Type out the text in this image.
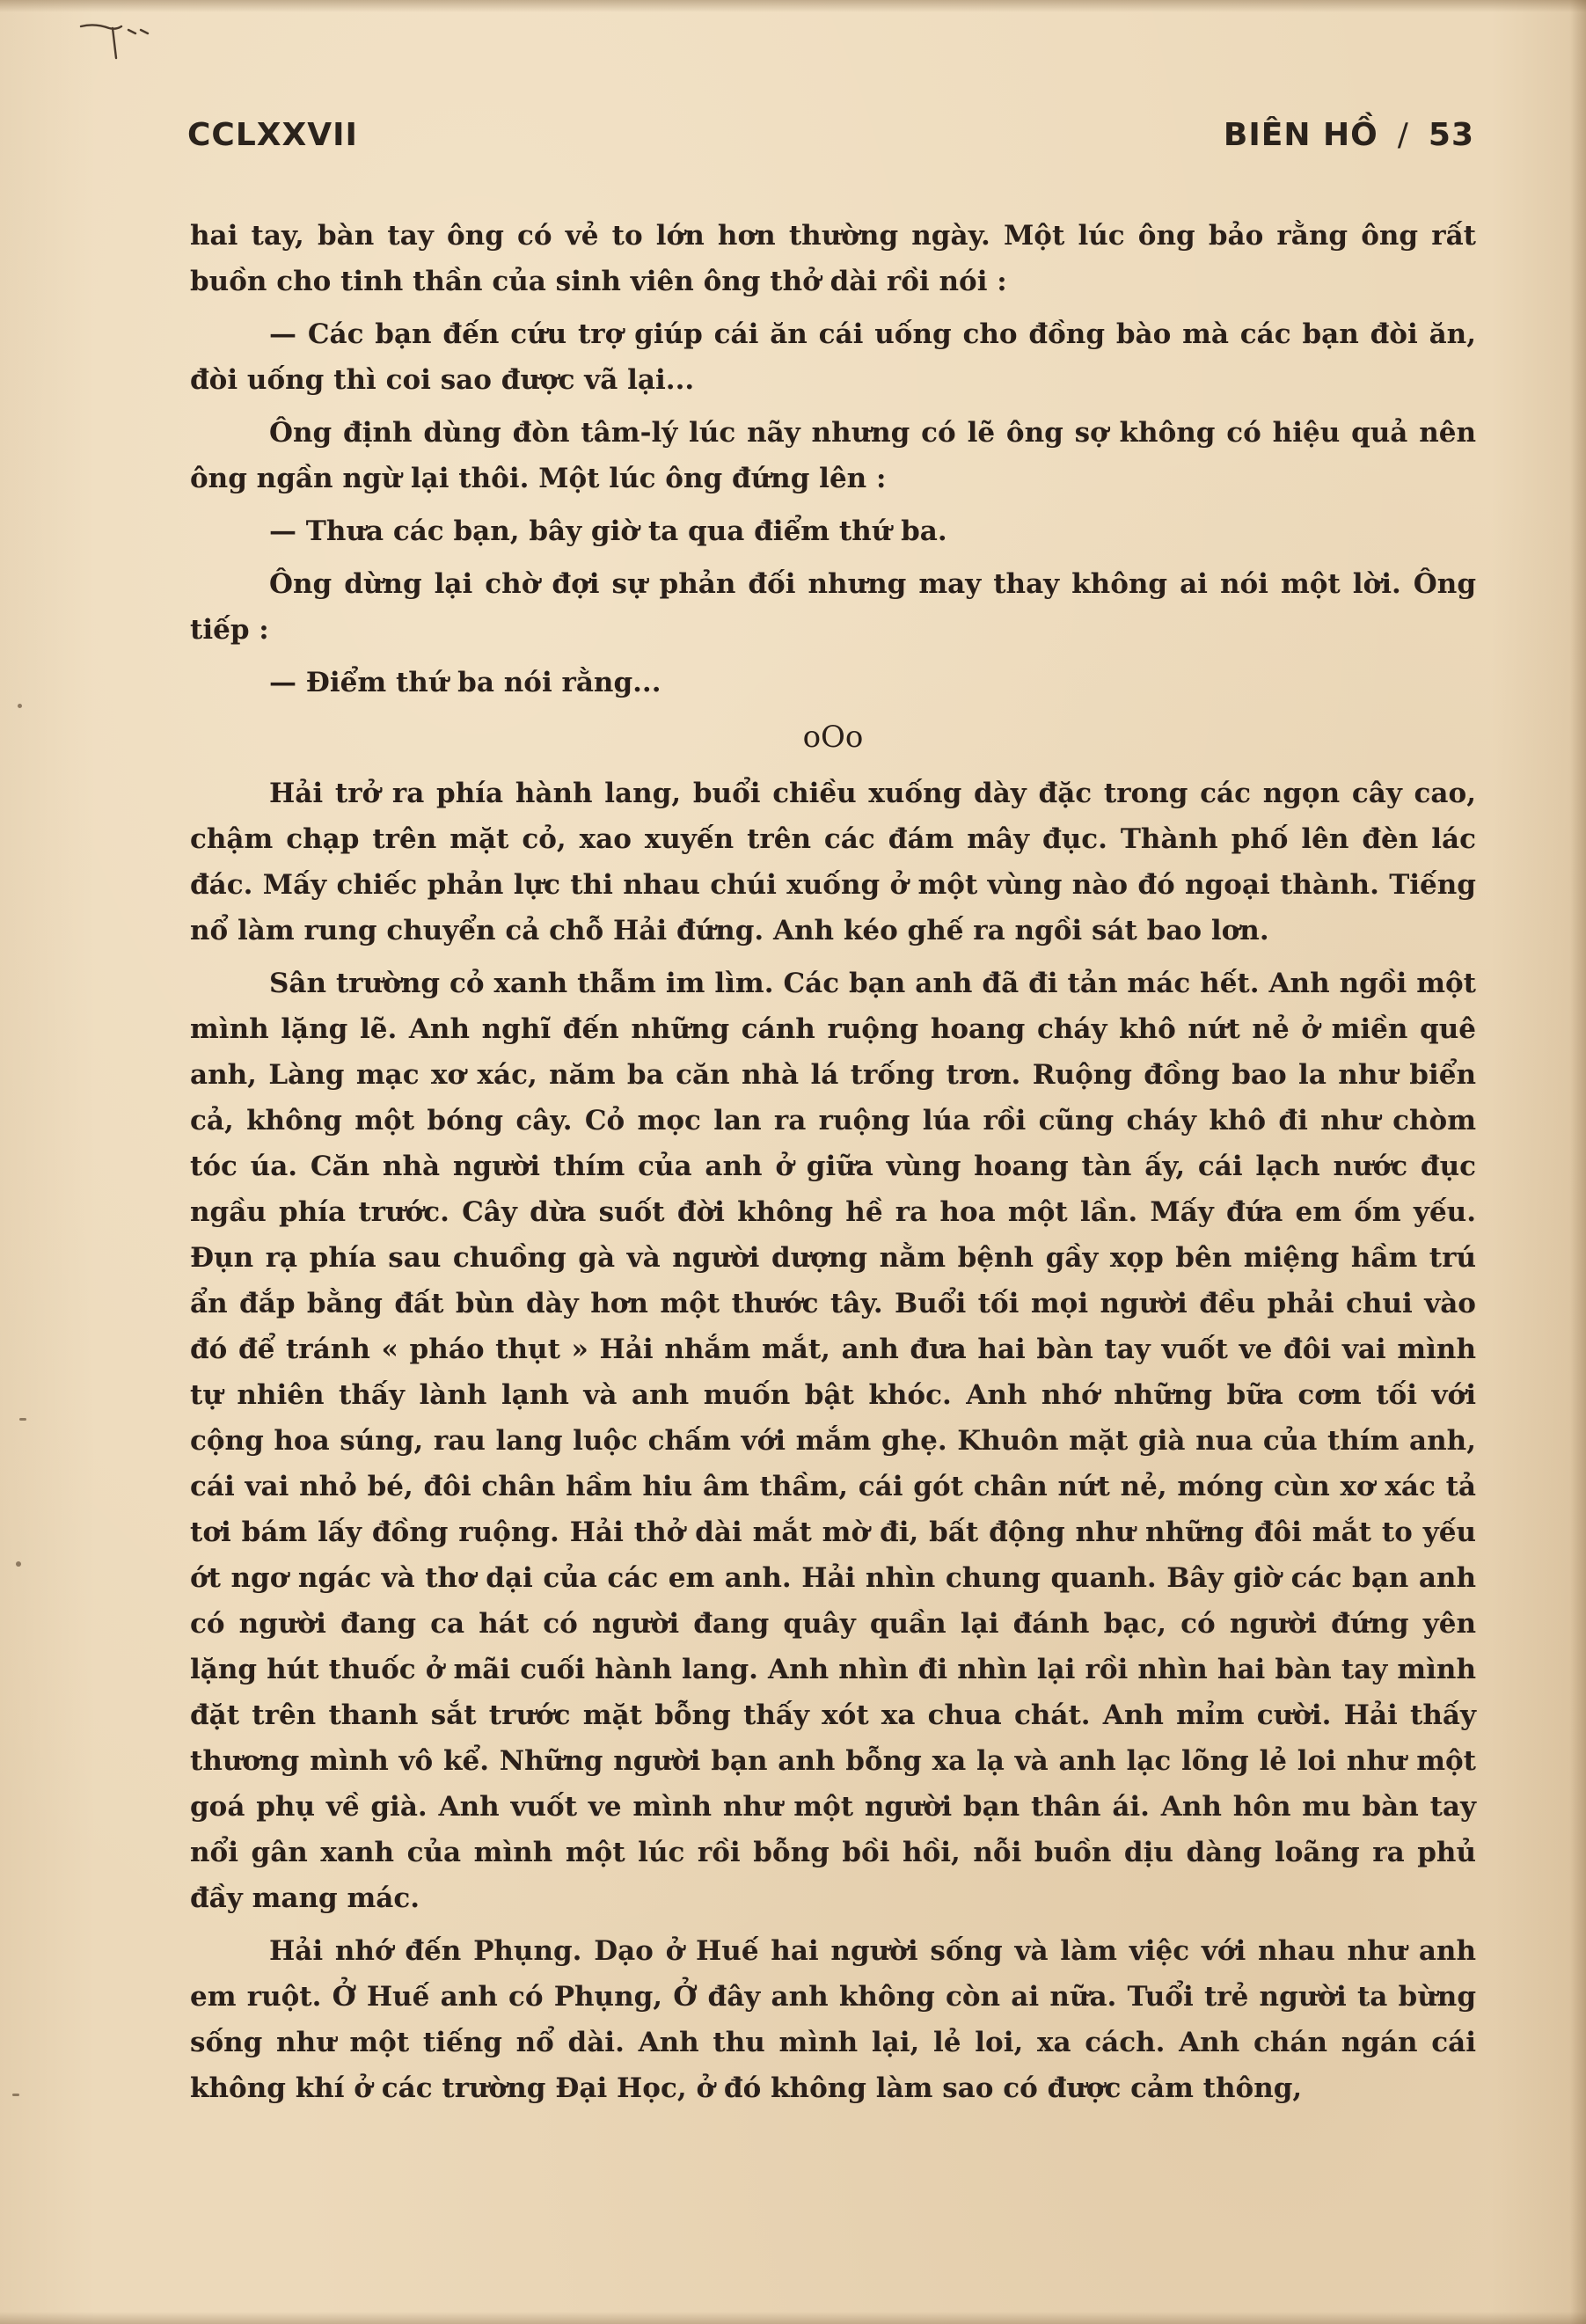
CCLXXVII	BIÊN HỒ / 53

hai tay, bàn tay ông có vẻ to lớn hơn thường ngày. Một lúc ông bảo rằng ông rất buồn cho tinh thần của sinh viên ông thở dài rồi nói :

— Các bạn đến cứu trợ giúp cái ăn cái uống cho đồng bào mà các bạn đòi ăn, đòi uống thì coi sao được vã lại...

Ông định dùng đòn tâm-lý lúc nãy nhưng có lẽ ông sợ không có hiệu quả nên ông ngần ngừ lại thôi. Một lúc ông đứng lên :

— Thưa các bạn, bây giờ ta qua điểm thứ ba.

Ông dừng lại chờ đợi sự phản đối nhưng may thay không ai nói một lời. Ông tiếp :

— Điểm thứ ba nói rằng...

oOo

Hải trở ra phía hành lang, buổi chiều xuống dày đặc trong các ngọn cây cao, chậm chạp trên mặt cỏ, xao xuyến trên các đám mây đục. Thành phố lên đèn lác đác. Mấy chiếc phản lực thi nhau chúi xuống ở một vùng nào đó ngoại thành. Tiếng nổ làm rung chuyển cả chỗ Hải đứng. Anh kéo ghế ra ngồi sát bao lơn.

Sân trường cỏ xanh thẫm im lìm. Các bạn anh đã đi tản mác hết. Anh ngồi một mình lặng lẽ. Anh nghĩ đến những cánh ruộng hoang cháy khô nứt nẻ ở miền quê anh, Làng mạc xơ xác, năm ba căn nhà lá trống trơn. Ruộng đồng bao la như biển cả, không một bóng cây. Cỏ mọc lan ra ruộng lúa rồi cũng cháy khô đi như chòm tóc úa. Căn nhà người thím của anh ở giữa vùng hoang tàn ấy, cái lạch nước đục ngầu phía trước. Cây dừa suốt đời không hề ra hoa một lần. Mấy đứa em ốm yếu. Đụn rạ phía sau chuồng gà và người dượng nằm bệnh gầy xọp bên miệng hầm trú ẩn đắp bằng đất bùn dày hơn một thước tây. Buổi tối mọi người đều phải chui vào đó để tránh « pháo thụt » Hải nhắm mắt, anh đưa hai bàn tay vuốt ve đôi vai mình tự nhiên thấy lành lạnh và anh muốn bật khóc. Anh nhớ những bữa cơm tối với cộng hoa súng, rau lang luộc chấm với mắm ghẹ. Khuôn mặt già nua của thím anh, cái vai nhỏ bé, đôi chân hầm hiu âm thầm, cái gót chân nứt nẻ, móng cùn xơ xác tả tơi bám lấy đồng ruộng. Hải thở dài mắt mờ đi, bất động như những đôi mắt to yếu ớt ngơ ngác và thơ dại của các em anh. Hải nhìn chung quanh. Bây giờ các bạn anh có người đang ca hát có người đang quây quần lại đánh bạc, có người đứng yên lặng hút thuốc ở mãi cuối hành lang. Anh nhìn đi nhìn lại rồi nhìn hai bàn tay mình đặt trên thanh sắt trước mặt bỗng thấy xót xa chua chát. Anh mỉm cười. Hải thấy thương mình vô kể. Những người bạn anh bỗng xa lạ và anh lạc lõng lẻ loi như một goá phụ về già. Anh vuốt ve mình như một người bạn thân ái. Anh hôn mu bàn tay nổi gân xanh của mình một lúc rồi bỗng bồi hồi, nỗi buồn dịu dàng loãng ra phủ đầy mang mác.

Hải nhớ đến Phụng. Dạo ở Huế hai người sống và làm việc với nhau như anh em ruột. Ở Huế anh có Phụng, Ở đây anh không còn ai nữa. Tuổi trẻ người ta bừng sống như một tiếng nổ dài. Anh thu mình lại, lẻ loi, xa cách. Anh chán ngán cái không khí ở các trường Đại Học, ở đó không làm sao có được cảm thông,
